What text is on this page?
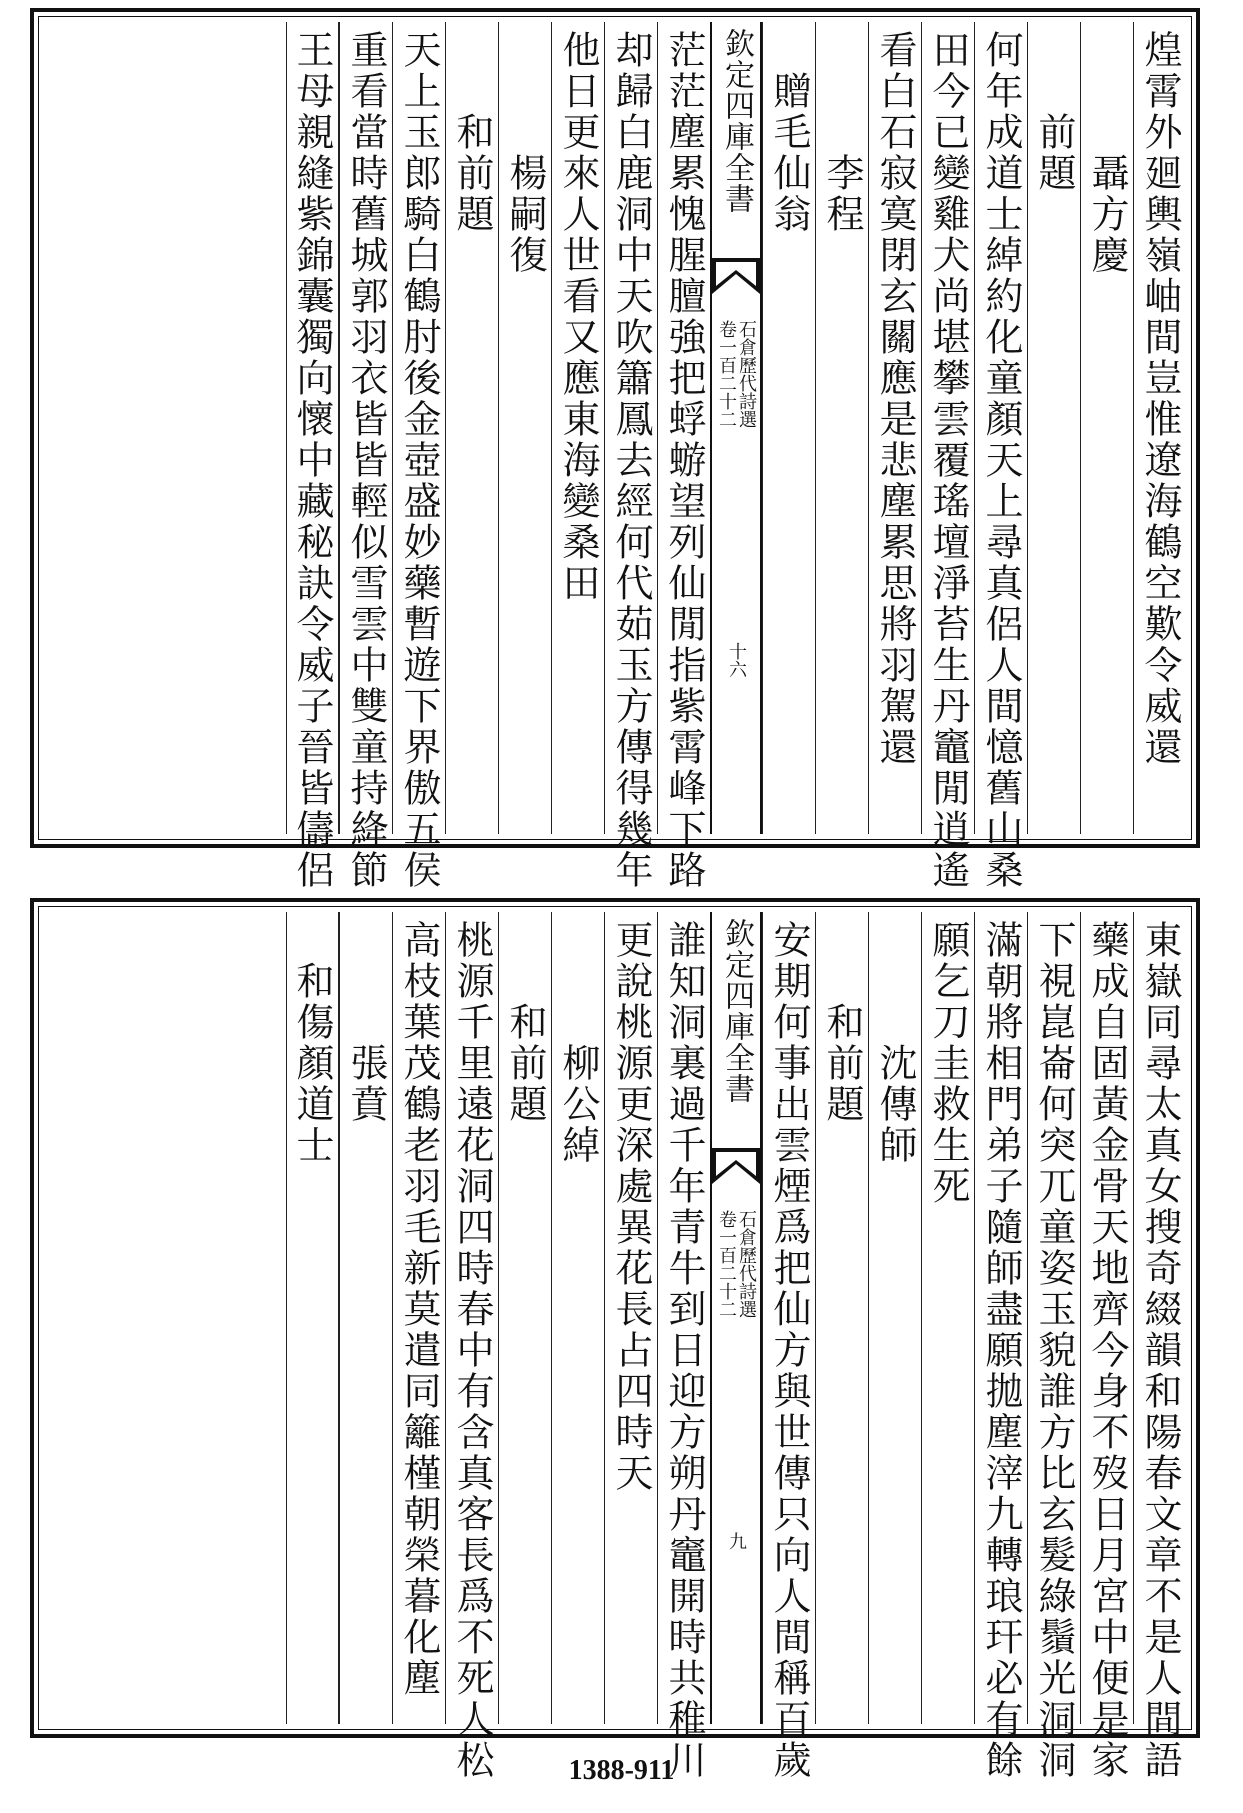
煌霄外廻輿嶺岫間豈惟遼海鶴空歎令威還
聶方慶
前題
何年成道士綽約化童顏天上尋真侶人間憶舊山桑
田今已變雞犬尚堪攀雲覆瑤壇淨苔生丹竈閒逍遙
看白石寂寞閉玄關應是悲塵累思將羽駕還
李程
贈毛仙翁
茫茫塵累愧腥膻強把蜉蝣望列仙閒指紫霄峰下路
却歸白鹿洞中天吹簫鳳去經何代茹玉方傳得幾年
他日更來人世看又應東海變桑田
楊嗣復
和前題
天上玉郎騎白鶴肘後金壺盛妙藥暫遊下界傲五侯
重看當時舊城郭羽衣皆皆輕似雪雲中雙童持絳節
王母親縫紫錦囊獨向懷中藏秘訣令威子晉皆儔侶	欽定四庫全書
石倉歷代詩選
卷一百二十二
十六
東嶽同尋太真女搜奇綴韻和陽春文章不是人間語
藥成自固黃金骨天地齊今身不歿日月宮中便是家
下視崑崙何突兀童姿玉貌誰方比玄髮綠鬚光洞洞
滿朝將相門弟子隨師盡願拋塵滓九轉琅玕必有餘
願乞刀圭救生死
沈傳師
和前題
安期何事出雲煙爲把仙方與世傳只向人間稱百歲
誰知洞裏過千年青牛到日迎方朔丹竈開時共稚川
更說桃源更深處異花長占四時天
柳公綽
和前題
桃源千里遠花洞四時春中有含真客長爲不死人松
高枝葉茂鶴老羽毛新莫遣同籬槿朝榮暮化塵
張賁
和傷顏道士	欽定四庫全書
石倉歷代詩選
卷一百二十二
九
1388-911
